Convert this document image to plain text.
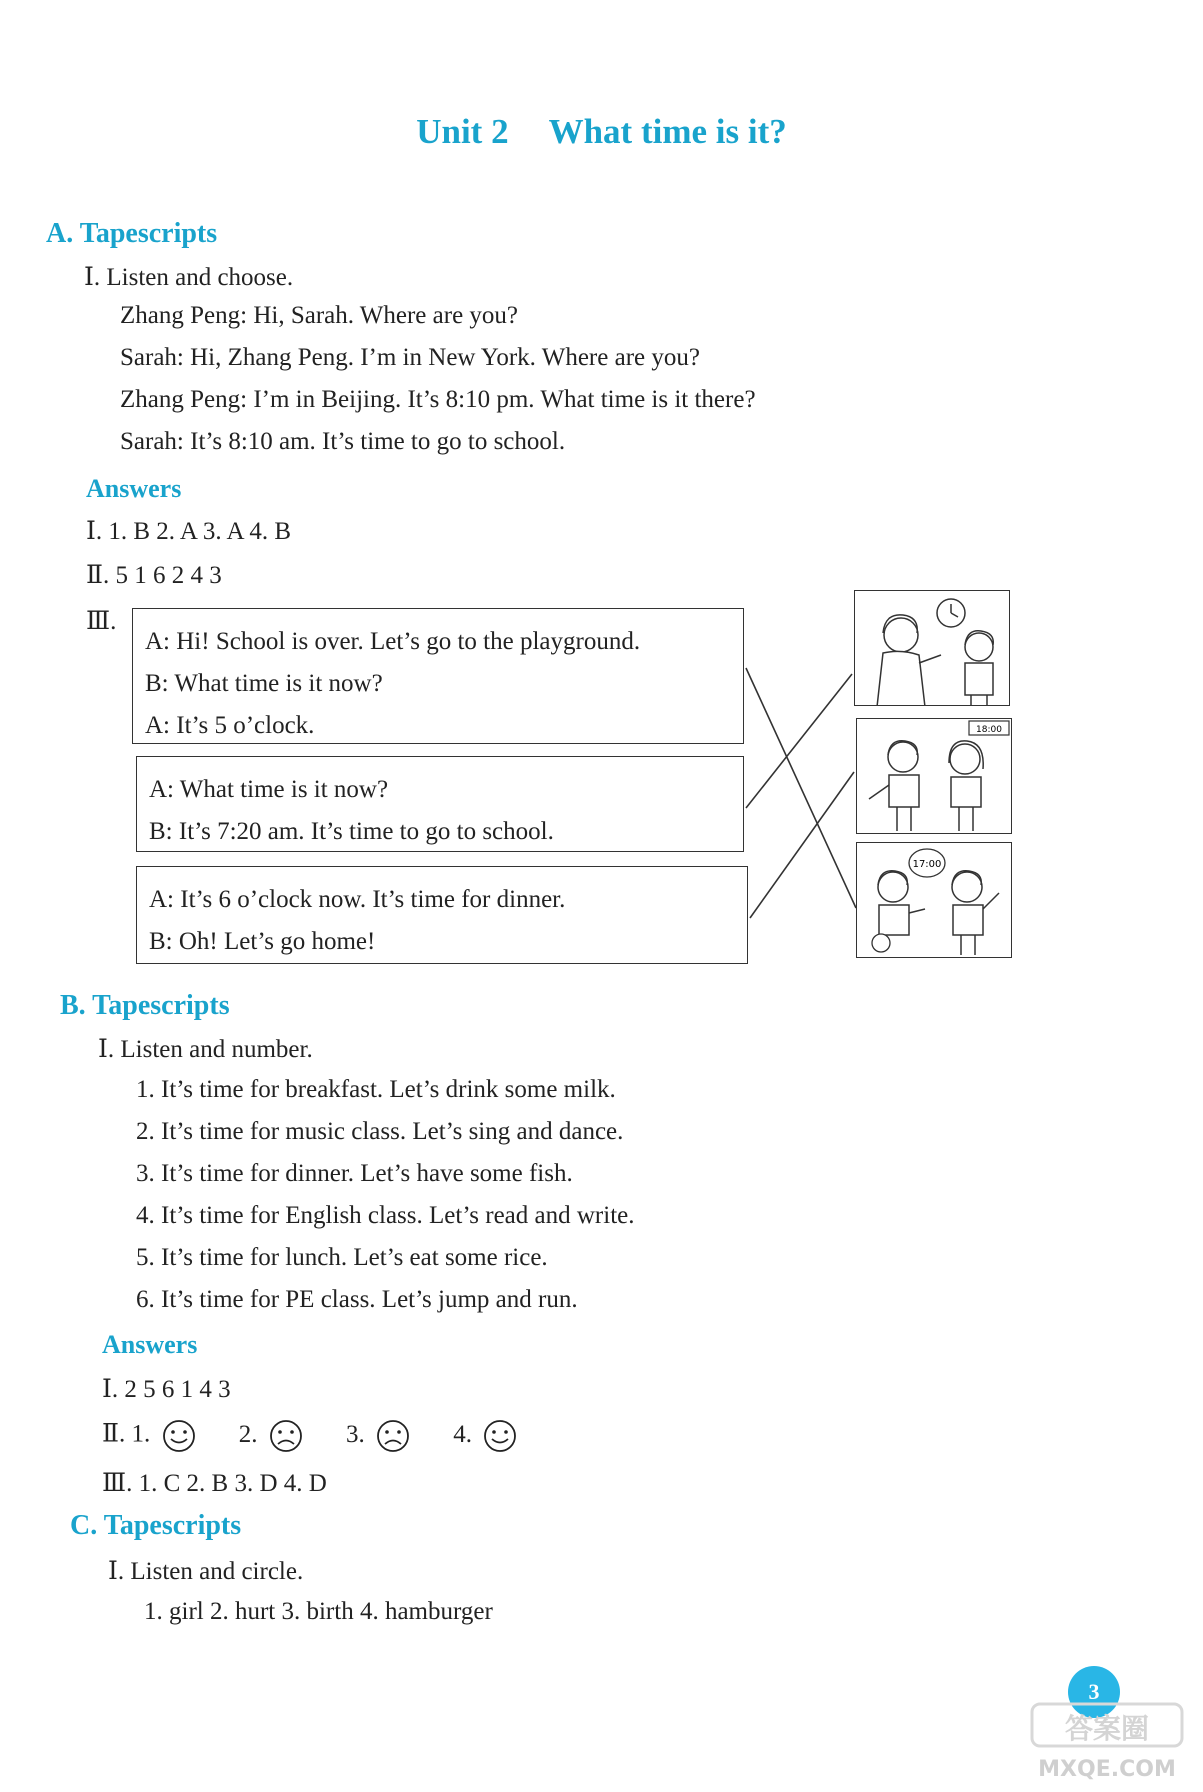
Unit 2 What time is it?
A. Tapescripts
Ⅰ. Listen and choose.
Zhang Peng: Hi, Sarah. Where are you?
Sarah: Hi, Zhang Peng. I’m in New York. Where are you?
Zhang Peng: I’m in Beijing. It’s 8:10 pm. What time is it there?
Sarah: It’s 8:10 am. It’s time to go to school.
Answers
Ⅰ. 1. B 2. A 3. A 4. B
Ⅱ. 5 1 6 2 4 3
Ⅲ.
A: Hi! School is over. Let’s go to the playground.
B: What time is it now?
A: It’s 5 o’clock.
A: What time is it now?
B: It’s 7:20 am. It’s time to go to school.
A: It’s 6 o’clock now. It’s time for dinner.
B: Oh! Let’s go home!
18:00
17:00
B. Tapescripts
Ⅰ. Listen and number.
1. It’s time for breakfast. Let’s drink some milk.
2. It’s time for music class. Let’s sing and dance.
3. It’s time for dinner. Let’s have some fish.
4. It’s time for English class. Let’s read and write.
5. It’s time for lunch. Let’s eat some rice.
6. It’s time for PE class. Let’s jump and run.
Answers
Ⅰ. 2 5 6 1 4 3
Ⅱ. 1.	2.	3.	4.
Ⅲ. 1. C 2. B 3. D 4. D
C. Tapescripts
Ⅰ. Listen and circle.
1. girl 2. hurt 3. birth 4. hamburger
3
答案圈
MXQE.COM
